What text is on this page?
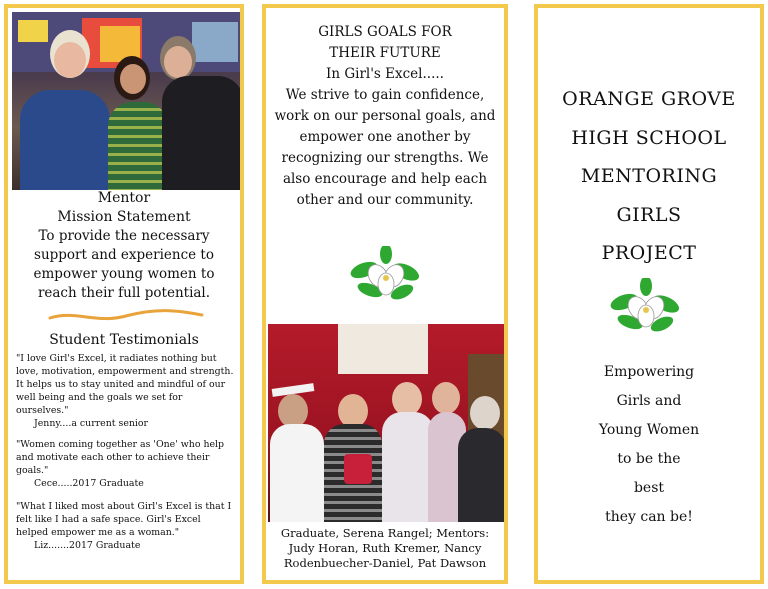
Mentor
Mission Statement
To provide the necessary support and experience to empower young women to reach their full potential.
Student Testimonials
"I love Girl's Excel, it radiates nothing but love, motivation, empowerment and strength. It helps us to stay united and mindful of our well being and the goals we set for ourselves."
Jenny....a current senior
"Women coming together as 'One' who help and motivate each other to achieve their goals."
Cece.....2017 Graduate
"What I liked most about Girl's Excel is that I felt like I had a safe space. Girl's Excel helped empower me as a woman."
Liz.......2017 Graduate
GIRLS GOALS FOR
THEIR FUTURE
In Girl's Excel.....
We strive to gain confidence, work on our personal goals, and empower one another by recognizing our strengths. We also encourage and help each other and our community.
Graduate, Serena Rangel; Mentors: Judy Horan, Ruth Kremer, Nancy Rodenbuecher-Daniel, Pat Dawson
ORANGE GROVE
HIGH SCHOOL
MENTORING
GIRLS
PROJECT
Empowering
Girls and
Young Women
to be the
best
they can be!
